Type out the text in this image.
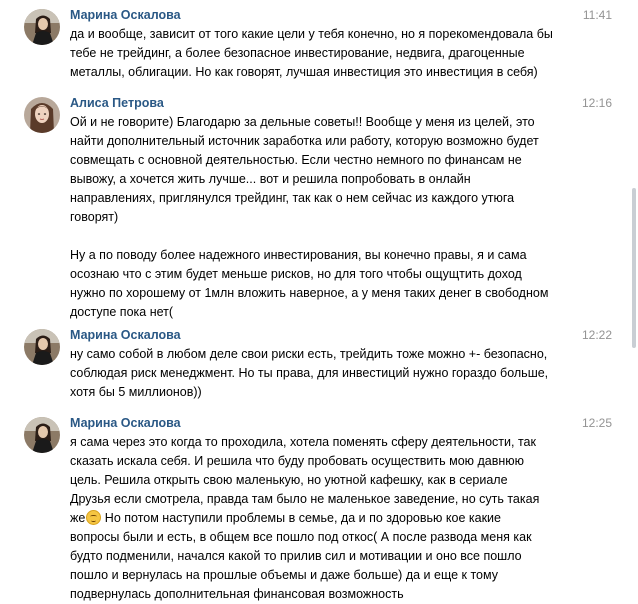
Марина Оскалова	11:41
да и вообще, зависит от того какие цели у тебя конечно, но я порекомендовала бы
тебе не трейдинг, а более безопасное инвестирование, недвига, драгоценные
металлы, облигации. Но как говорят, лучшая инвестиция это инвестиция в себя)
Алиса Петрова	12:16
Ой и не говорите) Благодарю за дельные советы!! Вообще у меня из целей, это
найти дополнительный источник заработка или работу, которую возможно будет
совмещать с основной деятельностью. Если честно немного по финансам не
вывожу, а хочется жить лучше... вот и решила попробовать в онлайн
направлениях, приглянулся трейдинг, так как о нем сейчас из каждого утюга
говорят)
Ну а по поводу более надежного инвестирования, вы конечно правы, я и сама
осознаю что с этим будет меньше рисков, но для того чтобы ощущтить доход
нужно по хорошему от 1млн вложить наверное, а у меня таких денег в свободном
доступе пока нет(
Марина Оскалова	12:22
ну само собой в любом деле свои риски есть, трейдить тоже можно +- безопасно,
соблюдая риск менеджмент. Но ты права, для инвестиций нужно гораздо больше,
хотя бы 5 миллионов))
Марина Оскалова	12:25
я сама через это когда то проходила, хотела поменять сферу деятельности, так
сказать искала себя. И решила что буду пробовать осуществить мою давнюю
цель. Решила открыть свою маленькую, но уютной кафешку, как в сериале
Друзья если смотрела, правда там было не маленькое заведение, но суть такая
же Но потом наступили проблемы в семье, да и по здоровью кое какие
вопросы были и есть, в общем все пошло под откос( А после развода меня как
будто подменили, начался какой то прилив сил и мотивации и оно все пошло
пошло и вернулась на прошлые объемы и даже больше) да и еще к тому
подвернулась дополнительная финансовая возможность
